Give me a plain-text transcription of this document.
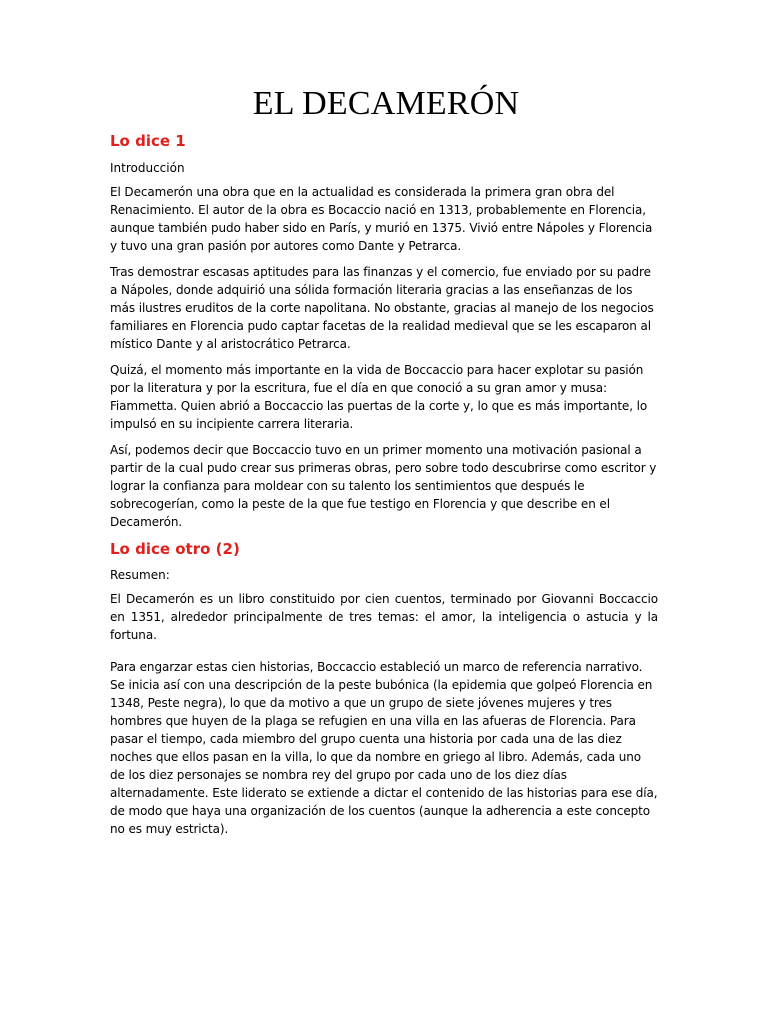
EL DECAMERÓN
Lo dice 1
Introducción

El Decamerón una obra que en la actualidad es considerada la primera gran obra del Renacimiento. El autor de la obra es Bocaccio nació en 1313, probablemente en Florencia, aunque también pudo haber sido en París, y murió en 1375. Vivió entre Nápoles y Florencia y tuvo una gran pasión por autores como Dante y Petrarca.

Tras demostrar escasas aptitudes para las finanzas y el comercio, fue enviado por su padre a Nápoles, donde adquirió una sólida formación literaria gracias a las enseñanzas de los más ilustres eruditos de la corte napolitana. No obstante, gracias al manejo de los negocios familiares en Florencia pudo captar facetas de la realidad medieval que se les escaparon al místico Dante y al aristocrático Petrarca.

Quizá, el momento más importante en la vida de Boccaccio para hacer explotar su pasión por la literatura y por la escritura, fue el día en que conoció a su gran amor y musa: Fiammetta. Quien abrió a Boccaccio las puertas de la corte y, lo que es más importante, lo impulsó en su incipiente carrera literaria.

Así, podemos decir que Boccaccio tuvo en un primer momento una motivación pasional a partir de la cual pudo crear sus primeras obras, pero sobre todo descubrirse como escritor y lograr la confianza para moldear con su talento los sentimientos que después le sobrecogerían, como la peste de la que fue testigo en Florencia y que describe en el Decamerón.

Lo dice otro (2)
Resumen:

El Decamerón es un libro constituido por cien cuentos, terminado por Giovanni Boccaccio en 1351, alrededor principalmente de tres temas: el amor, la inteligencia o astucia y la fortuna.

Para engarzar estas cien historias, Boccaccio estableció un marco de referencia narrativo. Se inicia así con una descripción de la peste bubónica (la epidemia que golpeó Florencia en 1348, Peste negra), lo que da motivo a que un grupo de siete jóvenes mujeres y tres hombres que huyen de la plaga se refugien en una villa en las afueras de Florencia. Para pasar el tiempo, cada miembro del grupo cuenta una historia por cada una de las diez noches que ellos pasan en la villa, lo que da nombre en griego al libro. Además, cada uno de los diez personajes se nombra rey del grupo por cada uno de los diez días alternadamente. Este liderato se extiende a dictar el contenido de las historias para ese día, de modo que haya una organización de los cuentos (aunque la adherencia a este concepto no es muy estricta).
